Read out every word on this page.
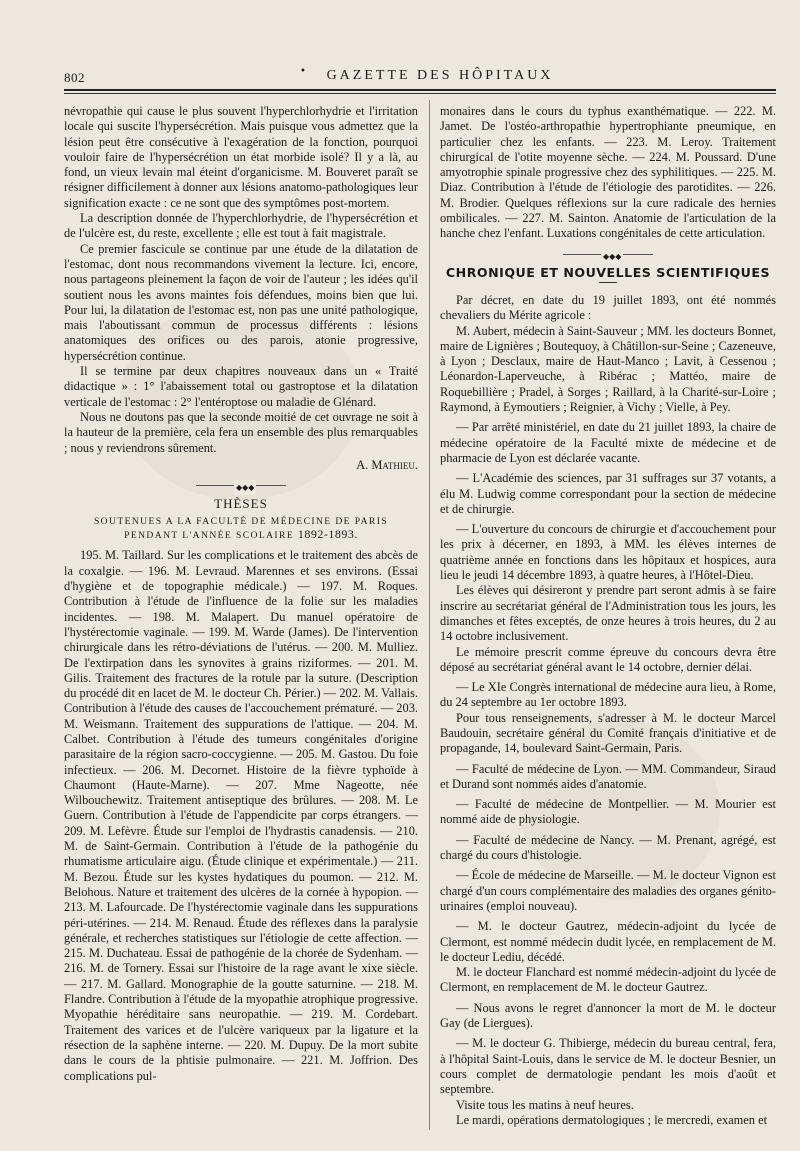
802	•	GAZETTE DES HÔPITAUX

névropathie qui cause le plus souvent l'hyperchlorhydrie et l'irritation locale qui suscite l'hypersécrétion. Mais puisque vous admettez que la lésion peut être consécutive à l'exagération de la fonction, pourquoi vouloir faire de l'hypersécrétion un état morbide isolé? Il y a là, au fond, un vieux levain mal éteint d'organicisme. M. Bouveret paraît se résigner difficilement à donner aux lésions anatomo-pathologiques leur signification exacte : ce ne sont que des symptômes post-mortem.

La description donnée de l'hyperchlorhydrie, de l'hypersécrétion et de l'ulcère est, du reste, excellente ; elle est tout à fait magistrale.

Ce premier fascicule se continue par une étude de la dilatation de l'estomac, dont nous recommandons vivement la lecture. Ici, encore, nous partageons pleinement la façon de voir de l'auteur ; les idées qu'il soutient nous les avons maintes fois défendues, moins bien que lui. Pour lui, la dilatation de l'estomac est, non pas une unité pathologique, mais l'aboutissant commun de processus différents : lésions anatomiques des orifices ou des parois, atonie progressive, hypersécrétion continue.

Il se termine par deux chapitres nouveaux dans un « Traité didactique » : 1° l'abaissement total ou gastroptose et la dilatation verticale de l'estomac : 2° l'entéroptose ou maladie de Glénard.

Nous ne doutons pas que la seconde moitié de cet ouvrage ne soit à la hauteur de la première, cela fera un ensemble des plus remarquables ; nous y reviendrons sûrement.

A. Mathieu.

◆◆◆
THÈSES
SOUTENUES A LA FACULTÉ DE MÉDECINE DE PARIS
PENDANT L'ANNÉE SCOLAIRE 1892-1893.

195. M. Taillard. Sur les complications et le traitement des abcès de la coxalgie. — 196. M. Levraud. Marennes et ses environs. (Essai d'hygiène et de topographie médicale.) — 197. M. Roques. Contribution à l'étude de l'influence de la folie sur les maladies incidentes. — 198. M. Malapert. Du manuel opératoire de l'hystérectomie vaginale. — 199. M. Warde (James). De l'intervention chirurgicale dans les rétro-déviations de l'utérus. — 200. M. Mulliez. De l'extirpation dans les synovites à grains riziformes. — 201. M. Gilis. Traitement des fractures de la rotule par la suture. (Description du procédé dit en lacet de M. le docteur Ch. Périer.) — 202. M. Vallais. Contribution à l'étude des causes de l'accouchement prématuré. — 203. M. Weismann. Traitement des suppurations de l'attique. — 204. M. Calbet. Contribution à l'étude des tumeurs congénitales d'origine parasitaire de la région sacro-coccygienne. — 205. M. Gastou. Du foie infectieux. — 206. M. Decornet. Histoire de la fièvre typhoïde à Chaumont (Haute-Marne). — 207. Mme Nageotte, née Wilbouchewitz. Traitement antiseptique des brûlures. — 208. M. Le Guern. Contribution à l'étude de l'appendicite par corps étrangers. — 209. M. Lefèvre. Étude sur l'emploi de l'hydrastis canadensis. — 210. M. de Saint-Germain. Contribution à l'étude de la pathogénie du rhumatisme articulaire aigu. (Étude clinique et expérimentale.) — 211. M. Bezou. Étude sur les kystes hydatiques du poumon. — 212. M. Belohous. Nature et traitement des ulcères de la cornée à hypopion. — 213. M. Lafourcade. De l'hystérectomie vaginale dans les suppurations péri-utérines. — 214. M. Renaud. Étude des réflexes dans la paralysie générale, et recherches statistiques sur l'étiologie de cette affection. — 215. M. Duchateau. Essai de pathogénie de la chorée de Sydenham. — 216. M. de Tornery. Essai sur l'histoire de la rage avant le xixe siècle. — 217. M. Gallard. Monographie de la goutte saturnine. — 218. M. Flandre. Contribution à l'étude de la myopathie atrophique progressive. Myopathie héréditaire sans neuropathie. — 219. M. Cordebart. Traitement des varices et de l'ulcère variqueux par la ligature et la résection de la saphène interne. — 220. M. Dupuy. De la mort subite dans le cours de la phtisie pulmonaire. — 221. M. Joffrion. Des complications pul-

monaires dans le cours du typhus exanthématique. — 222. M. Jamet. De l'ostéo-arthropathie hypertrophiante pneumique, en particulier chez les enfants. — 223. M. Leroy. Traitement chirurgical de l'otite moyenne sèche. — 224. M. Poussard. D'une amyotrophie spinale progressive chez des syphilitiques. — 225. M. Diaz. Contribution à l'étude de l'étiologie des parotidites. — 226. M. Brodier. Quelques réflexions sur la cure radicale des hernies ombilicales. — 227. M. Sainton. Anatomie de l'articulation de la hanche chez l'enfant. Luxations congénitales de cette articulation.

◆◆◆
CHRONIQUE ET NOUVELLES SCIENTIFIQUES

Par décret, en date du 19 juillet 1893, ont été nommés chevaliers du Mérite agricole :

M. Aubert, médecin à Saint-Sauveur ; MM. les docteurs Bonnet, maire de Lignières ; Boutequoy, à Châtillon-sur-Seine ; Cazeneuve, à Lyon ; Desclaux, maire de Haut-Manco ; Lavit, à Cessenou ; Léonardon-Laperveuche, à Ribérac ; Mattéo, maire de Roquebillière ; Pradel, à Sorges ; Raillard, à la Charité-sur-Loire ; Raymond, à Eymoutiers ; Reignier, à Vichy ; Vielle, à Pey.

— Par arrêté ministériel, en date du 21 juillet 1893, la chaire de médecine opératoire de la Faculté mixte de médecine et de pharmacie de Lyon est déclarée vacante.

— L'Académie des sciences, par 31 suffrages sur 37 votants, a élu M. Ludwig comme correspondant pour la section de médecine et de chirurgie.

— L'ouverture du concours de chirurgie et d'accouchement pour les prix à décerner, en 1893, à MM. les élèves internes de quatrième année en fonctions dans les hôpitaux et hospices, aura lieu le jeudi 14 décembre 1893, à quatre heures, à l'Hôtel-Dieu.

Les élèves qui désireront y prendre part seront admis à se faire inscrire au secrétariat général de l'Administration tous les jours, les dimanches et fêtes exceptés, de onze heures à trois heures, du 2 au 14 octobre inclusivement.

Le mémoire prescrit comme épreuve du concours devra être déposé au secrétariat général avant le 14 octobre, dernier délai.

— Le XIe Congrès international de médecine aura lieu, à Rome, du 24 septembre au 1er octobre 1893.

Pour tous renseignements, s'adresser à M. le docteur Marcel Baudouin, secrétaire général du Comité français d'initiative et de propagande, 14, boulevard Saint-Germain, Paris.

— Faculté de médecine de Lyon. — MM. Commandeur, Siraud et Durand sont nommés aides d'anatomie.

— Faculté de médecine de Montpellier. — M. Mourier est nommé aide de physiologie.

— Faculté de médecine de Nancy. — M. Prenant, agrégé, est chargé du cours d'histologie.

— École de médecine de Marseille. — M. le docteur Vignon est chargé d'un cours complémentaire des maladies des organes génito-urinaires (emploi nouveau).

— M. le docteur Gautrez, médecin-adjoint du lycée de Clermont, est nommé médecin dudit lycée, en remplacement de M. le docteur Lediu, décédé.

M. le docteur Flanchard est nommé médecin-adjoint du lycée de Clermont, en remplacement de M. le docteur Gautrez.

— Nous avons le regret d'annoncer la mort de M. le docteur Gay (de Liergues).

— M. le docteur G. Thibierge, médecin du bureau central, fera, à l'hôpital Saint-Louis, dans le service de M. le docteur Besnier, un cours complet de dermatologie pendant les mois d'août et septembre.

Visite tous les matins à neuf heures.

Le mardi, opérations dermatologiques ; le mercredi, examen et
